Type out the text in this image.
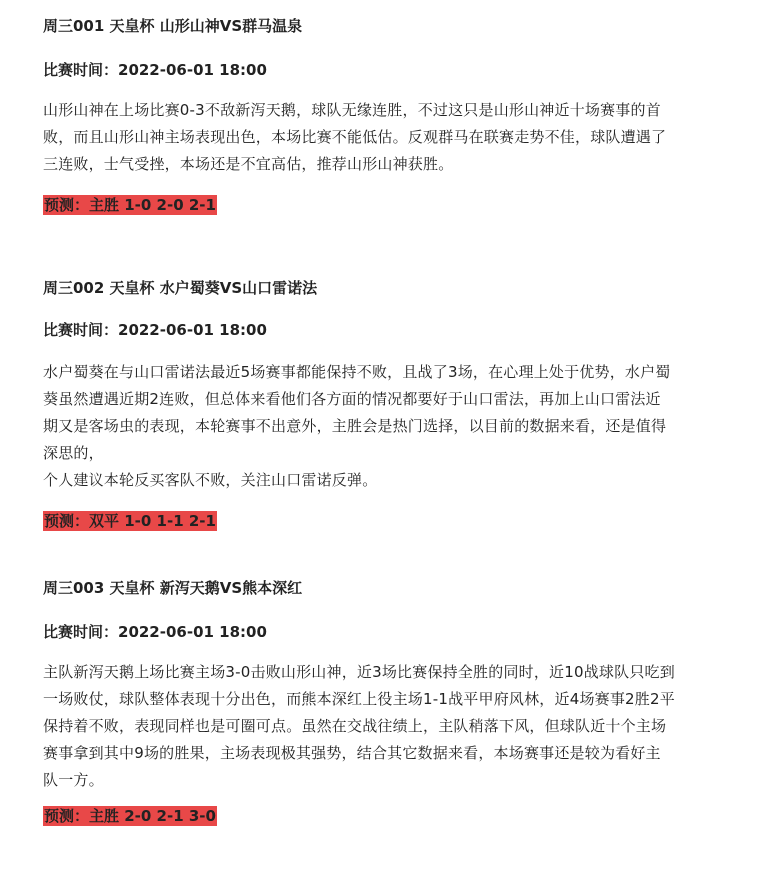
周三001 天皇杯 山形山神VS群马温泉

比赛时间：2022-06-01 18:00

山形山神在上场比赛0-3不敌新泻天鹅，球队无缘连胜，不过这只是山形山神近十场赛事的首
败，而且山形山神主场表现出色，本场比赛不能低估。反观群马在联赛走势不佳，球队遭遇了
三连败，士气受挫，本场还是不宜高估，推荐山形山神获胜。
预测：主胜 1-0 2-0 2-1

周三002 天皇杯 水户蜀葵VS山口雷诺法

比赛时间：2022-06-01 18:00

水户蜀葵在与山口雷诺法最近5场赛事都能保持不败，且战了3场，在心理上处于优势，水户蜀
葵虽然遭遇近期2连败，但总体来看他们各方面的情况都要好于山口雷法，再加上山口雷法近
期又是客场虫的表现，本轮赛事不出意外，主胜会是热门选择，以目前的数据来看，还是值得
深思的，
个人建议本轮反买客队不败，关注山口雷诺反弹。
预测：双平 1-0 1-1 2-1

周三003 天皇杯 新泻天鹅VS熊本深红

比赛时间：2022-06-01 18:00

主队新泻天鹅上场比赛主场3-0击败山形山神，近3场比赛保持全胜的同时，近10战球队只吃到
一场败仗，球队整体表现十分出色，而熊本深红上役主场1-1战平甲府风林，近4场赛事2胜2平
保持着不败，表现同样也是可圈可点。虽然在交战往绩上，主队稍落下风，但球队近十个主场
赛事拿到其中9场的胜果，主场表现极其强势，结合其它数据来看，本场赛事还是较为看好主
队一方。
预测：主胜 2-0 2-1 3-0
